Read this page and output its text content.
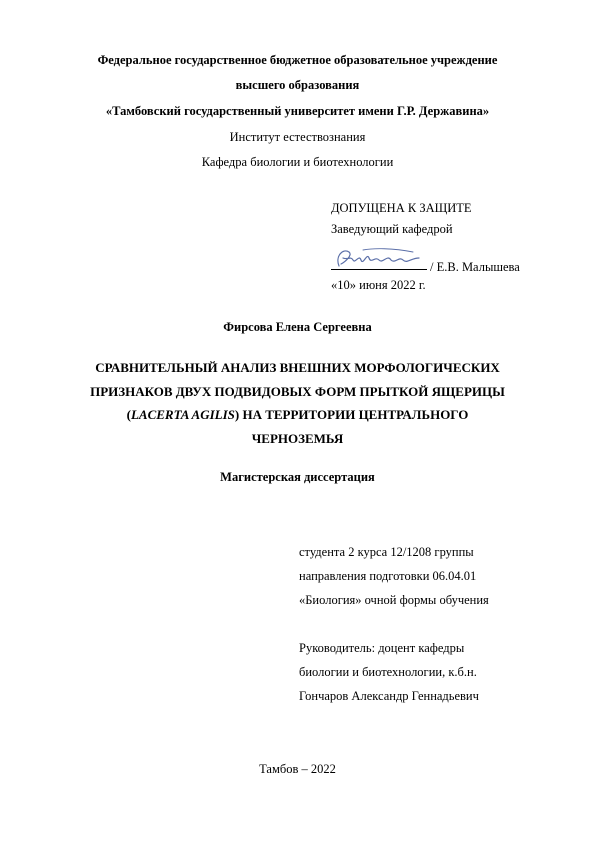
Федеральное государственное бюджетное образовательное учреждение
высшего образования
«Тамбовский государственный университет имени Г.Р. Державина»
Институт естествознания
Кафедра биологии и биотехнологии
ДОПУЩЕНА К ЗАЩИТЕ
Заведующий кафедрой
/ Е.В. Малышева
«10» июня 2022 г.
Фирсова Елена Сергеевна
СРАВНИТЕЛЬНЫЙ АНАЛИЗ ВНЕШНИХ МОРФОЛОГИЧЕСКИХ
ПРИЗНАКОВ ДВУХ ПОДВИДОВЫХ ФОРМ ПРЫТКОЙ ЯЩЕРИЦЫ
(LACERTA AGILIS) НА ТЕРРИТОРИИ ЦЕНТРАЛЬНОГО
ЧЕРНОЗЕМЬЯ
Магистерская диссертация
студента 2 курса 12/1208 группы
направления подготовки 06.04.01
«Биология» очной формы обучения
Руководитель: доцент кафедры
биологии и биотехнологии, к.б.н.
Гончаров Александр Геннадьевич
Тамбов – 2022
